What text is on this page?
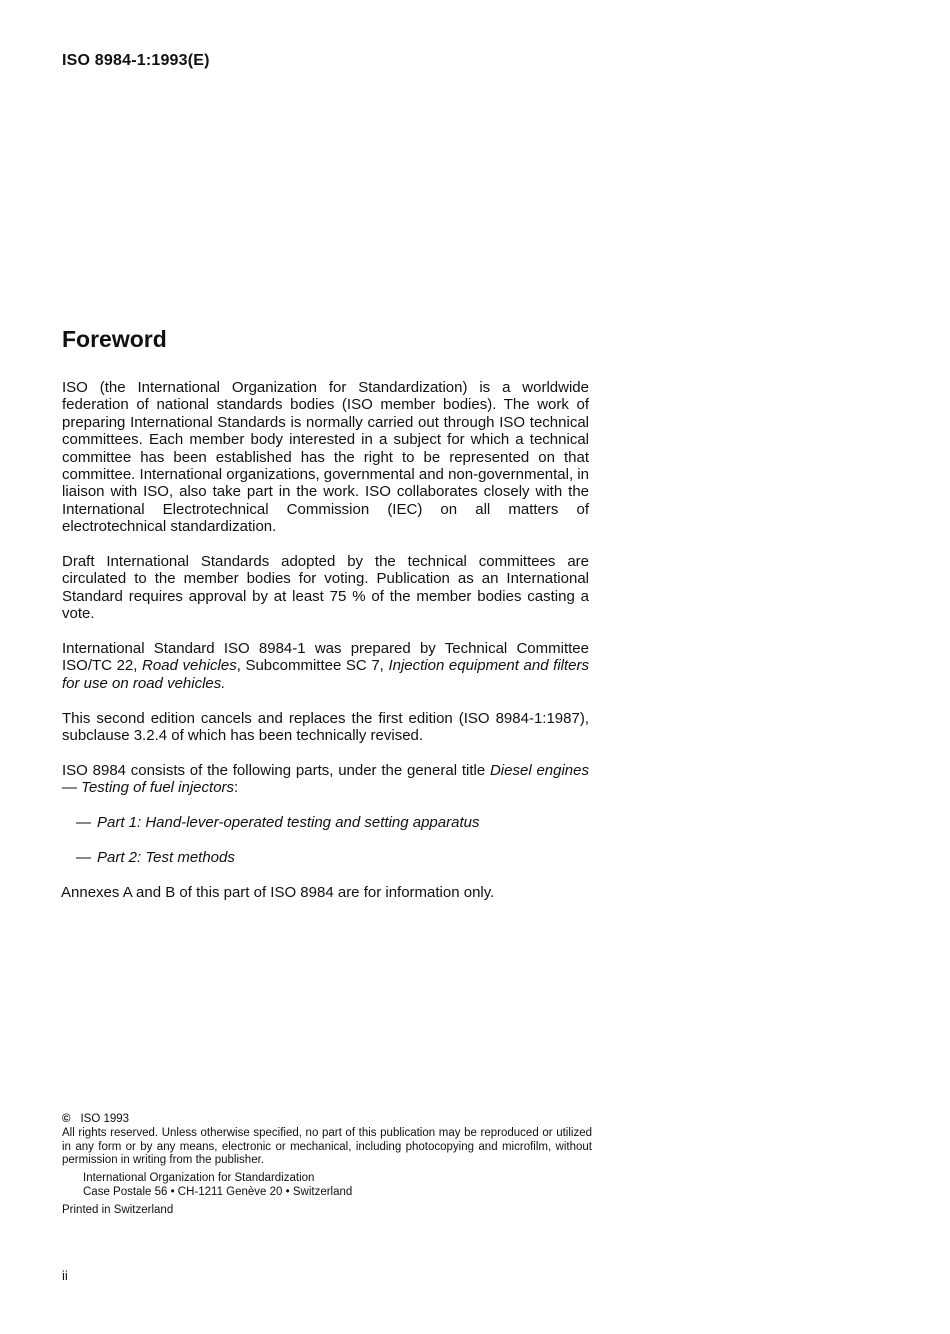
ISO 8984-1:1993(E)
Foreword

ISO (the International Organization for Standardization) is a worldwide federation of national standards bodies (ISO member bodies). The work of preparing International Standards is normally carried out through ISO technical committees. Each member body interested in a subject for which a technical committee has been established has the right to be represented on that committee. International organizations, governmental and non-governmental, in liaison with ISO, also take part in the work. ISO collaborates closely with the International Electrotechnical Commission (IEC) on all matters of electrotechnical standardization.

Draft International Standards adopted by the technical committees are circulated to the member bodies for voting. Publication as an International Standard requires approval by at least 75 % of the member bodies casting a vote.

International Standard ISO 8984-1 was prepared by Technical Committee ISO/TC 22, Road vehicles, Subcommittee SC 7, Injection equipment and filters for use on road vehicles.

This second edition cancels and replaces the first edition (ISO 8984-1:1987), subclause 3.2.4 of which has been technically revised.

ISO 8984 consists of the following parts, under the general title Diesel engines — Testing of fuel injectors:

— Part 1: Hand-lever-operated testing and setting apparatus
— Part 2: Test methods

Annexes A and B of this part of ISO 8984 are for information only.

© ISO 1993

All rights reserved. Unless otherwise specified, no part of this publication may be reproduced or utilized in any form or by any means, electronic or mechanical, including photocopying and microfilm, without permission in writing from the publisher.

International Organization for Standardization
Case Postale 56 • CH-1211 Genève 20 • Switzerland
Printed in Switzerland
ii
